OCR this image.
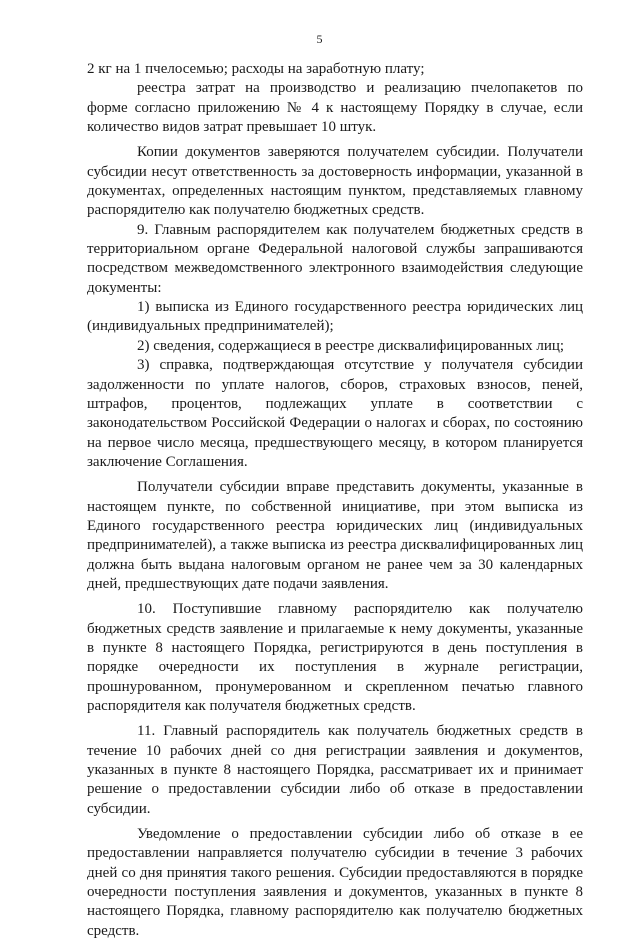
5

2 кг на 1 пчелосемью; расходы на заработную плату;

реестра затрат на производство и реализацию пчелопакетов по форме согласно приложению № 4 к настоящему Порядку в случае, если количество видов затрат превышает 10 штук.

Копии документов заверяются получателем субсидии. Получатели субсидии несут ответственность за достоверность информации, указанной в документах, определенных настоящим пунктом, представляемых главному распорядителю как получателю бюджетных средств.

9. Главным распорядителем как получателем бюджетных средств в территориальном органе Федеральной налоговой службы запрашиваются посредством межведомственного электронного взаимодействия следующие документы:

1) выписка из Единого государственного реестра юридических лиц (индивидуальных предпринимателей);

2) сведения, содержащиеся в реестре дисквалифицированных лиц;

3) справка, подтверждающая отсутствие у получателя субсидии задолженности по уплате налогов, сборов, страховых взносов, пеней, штрафов, процентов, подлежащих уплате в соответствии с законодательством Российской Федерации о налогах и сборах, по состоянию на первое число месяца, предшествующего месяцу, в котором планируется заключение Соглашения.

Получатели субсидии вправе представить документы, указанные в настоящем пункте, по собственной инициативе, при этом выписка из Единого государственного реестра юридических лиц (индивидуальных предпринимателей), а также выписка из реестра дисквалифицированных лиц должна быть выдана налоговым органом не ранее чем за 30 календарных дней, предшествующих дате подачи заявления.

10. Поступившие главному распорядителю как получателю бюджетных средств заявление и прилагаемые к нему документы, указанные в пункте 8 настоящего Порядка, регистрируются в день поступления в порядке очередности их поступления в журнале регистрации, прошнурованном, пронумерованном и скрепленном печатью главного распорядителя как получателя бюджетных средств.

11. Главный распорядитель как получатель бюджетных средств в течение 10 рабочих дней со дня регистрации заявления и документов, указанных в пункте 8 настоящего Порядка, рассматривает их и принимает решение о предоставлении субсидии либо об отказе в предоставлении субсидии.

Уведомление о предоставлении субсидии либо об отказе в ее предоставлении направляется получателю субсидии в течение 3 рабочих дней со дня принятия такого решения. Субсидии предоставляются в порядке очередности поступления заявления и документов, указанных в пункте 8 настоящего Порядка, главному распорядителю как получателю бюджетных средств.
